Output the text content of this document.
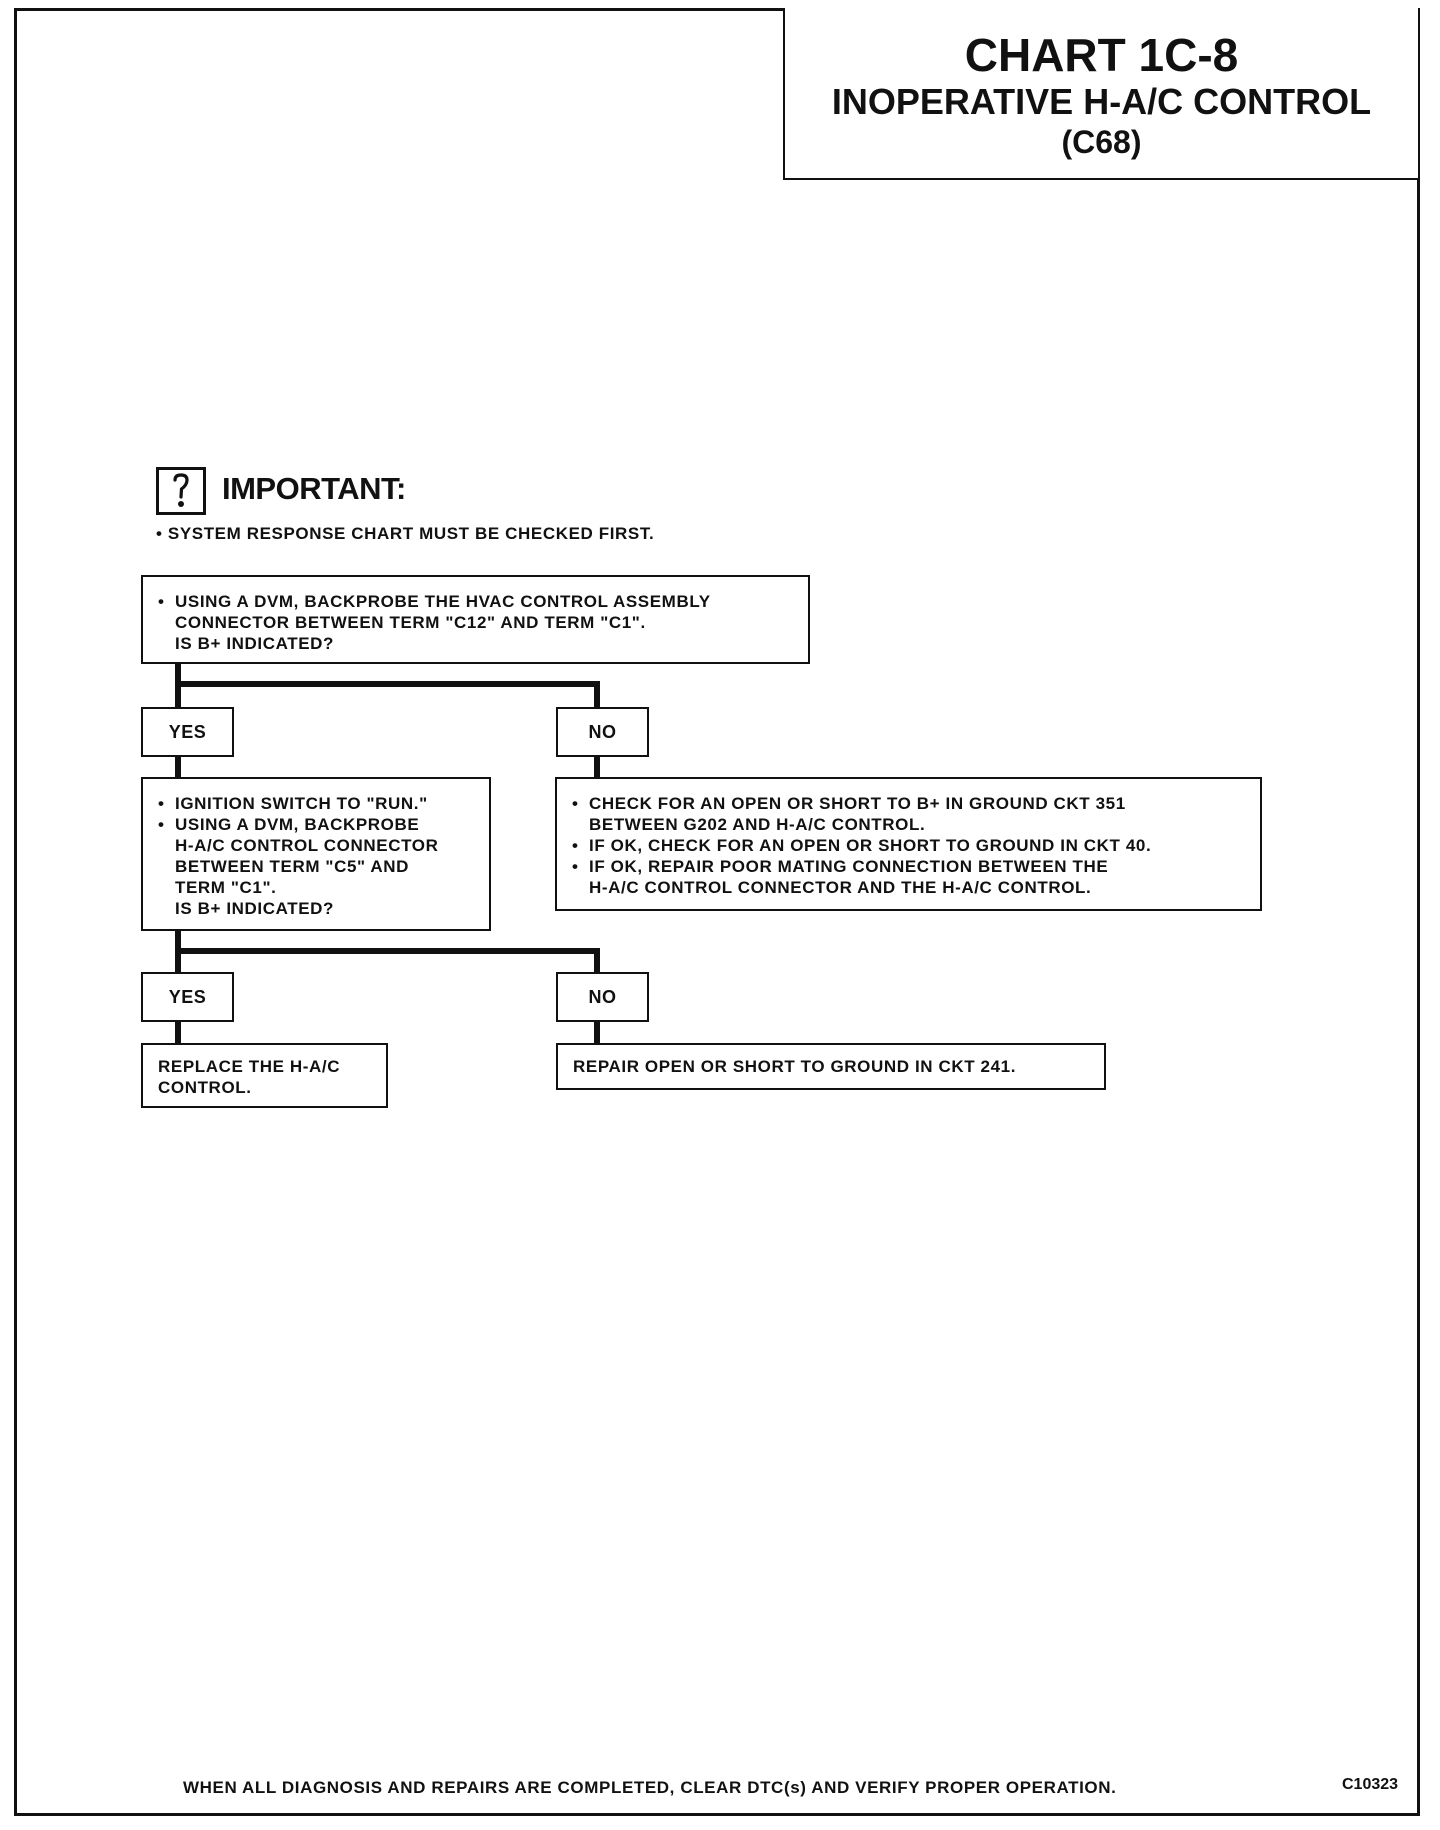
CHART 1C-8
INOPERATIVE H-A/C CONTROL
(C68)
IMPORTANT:
• SYSTEM RESPONSE CHART MUST BE CHECKED FIRST.
• USING A DVM, BACKPROBE THE HVAC CONTROL ASSEMBLY
CONNECTOR BETWEEN TERM "C12" AND TERM "C1".
IS B+ INDICATED?
YES	NO
• IGNITION SWITCH TO "RUN."
• USING A DVM, BACKPROBE
H-A/C CONTROL CONNECTOR
BETWEEN TERM "C5" AND
TERM "C1".
IS B+ INDICATED?
• CHECK FOR AN OPEN OR SHORT TO B+ IN GROUND CKT 351
BETWEEN G202 AND H-A/C CONTROL.
• IF OK, CHECK FOR AN OPEN OR SHORT TO GROUND IN CKT 40.
• IF OK, REPAIR POOR MATING CONNECTION BETWEEN THE
H-A/C CONTROL CONNECTOR AND THE H-A/C CONTROL.
YES	NO
REPLACE THE H-A/C
CONTROL.
REPAIR OPEN OR SHORT TO GROUND IN CKT 241.
WHEN ALL DIAGNOSIS AND REPAIRS ARE COMPLETED, CLEAR DTC(s) AND VERIFY PROPER OPERATION.	C10323
